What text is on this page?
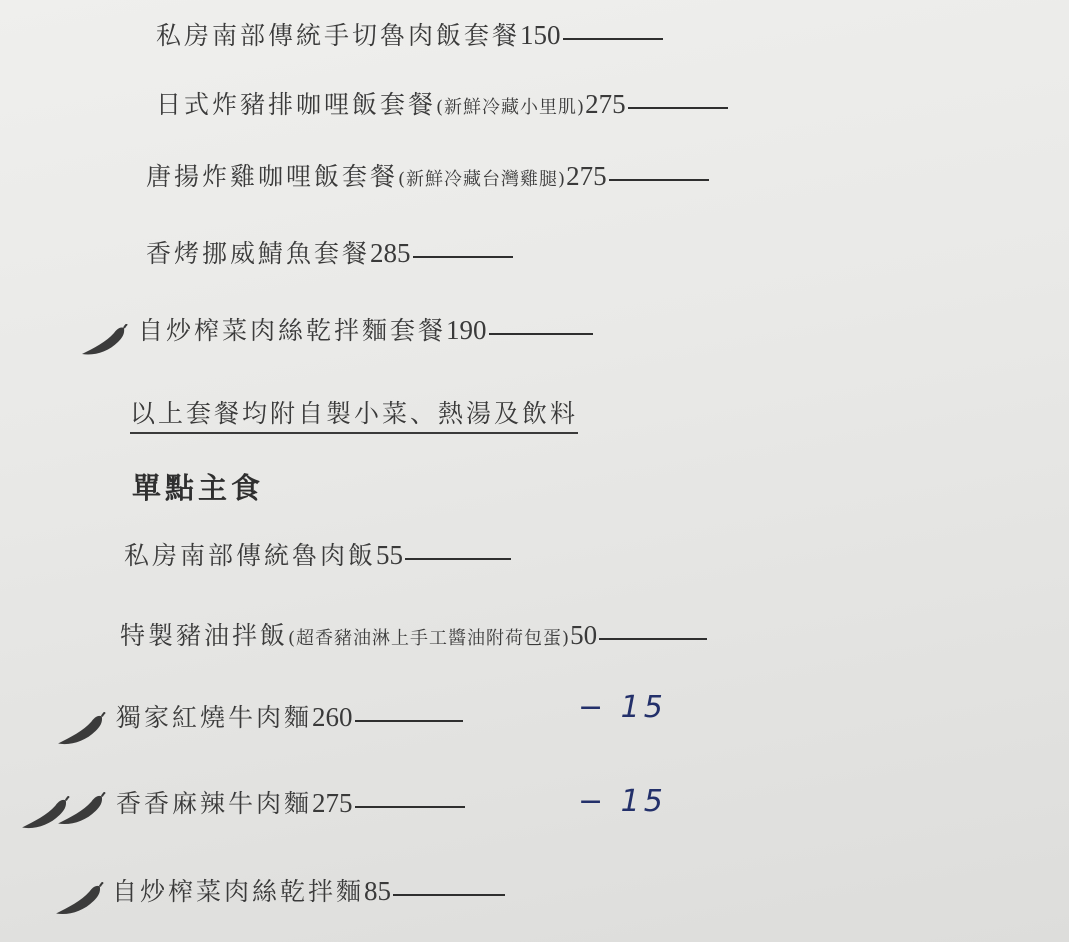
私房南部傳統手切魯肉飯套餐 150
日式炸豬排咖哩飯套餐 (新鮮冷藏小里肌) 275
唐揚炸雞咖哩飯套餐 (新鮮冷藏台灣雞腿) 275
香烤挪威鯖魚套餐 285
自炒榨菜肉絲乾拌麵套餐 190
以上套餐均附自製小菜、熱湯及飲料
單點主食
私房南部傳統魯肉飯 55
特製豬油拌飯 (超香豬油淋上手工醬油附荷包蛋) 50
獨家紅燒牛肉麵 260	− 15
香香麻辣牛肉麵 275	− 15
自炒榨菜肉絲乾拌麵 85
